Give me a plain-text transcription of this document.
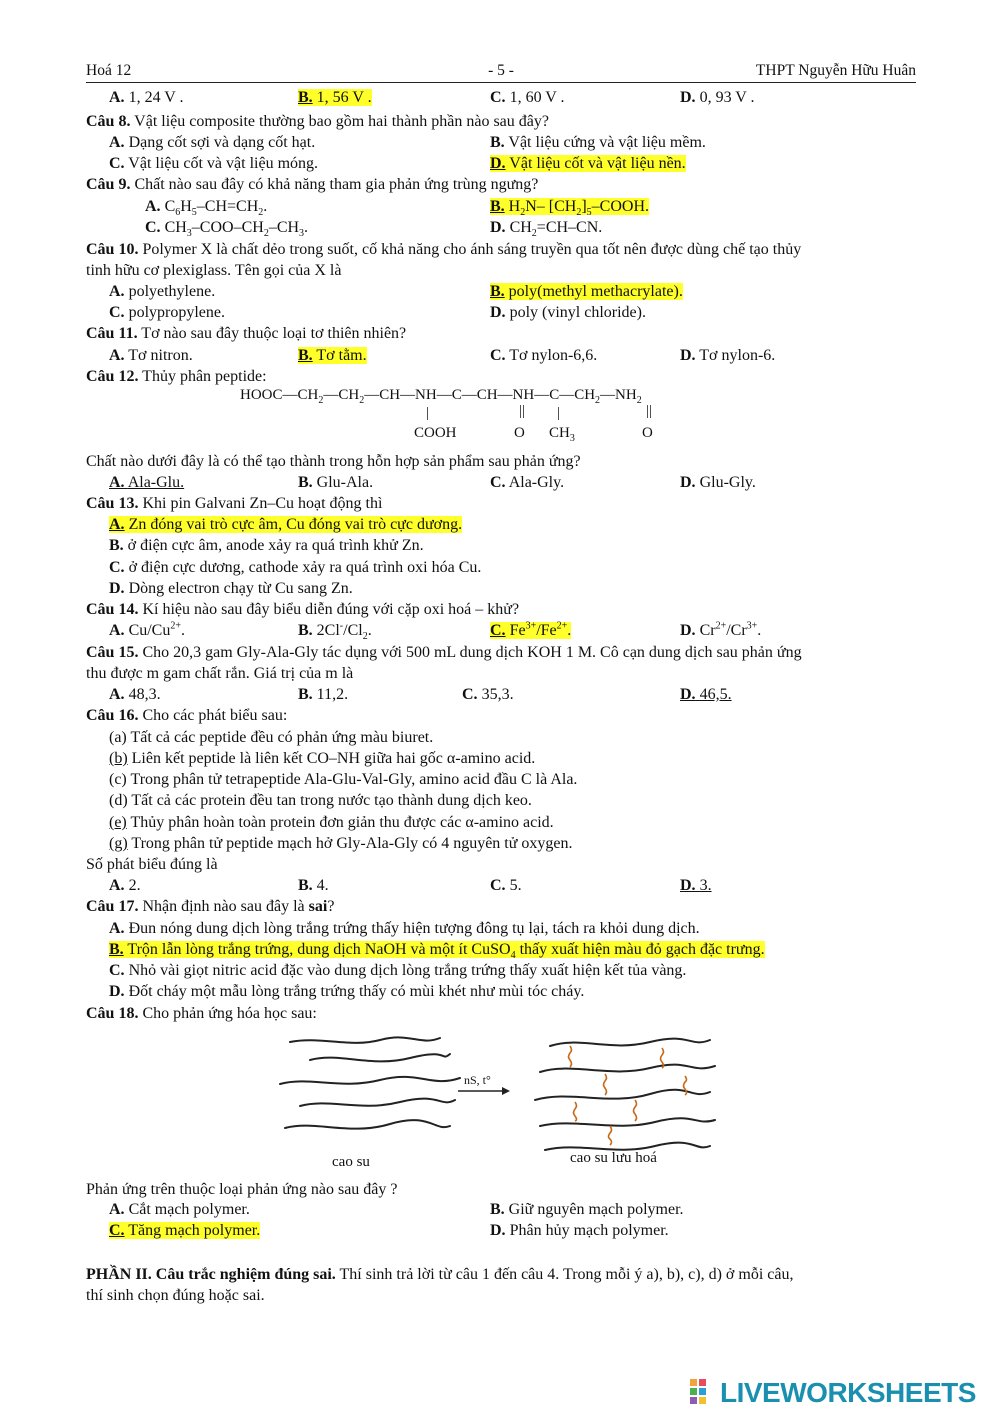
Hoá 12	- 5 -	THPT Nguyễn Hữu Huân
A. 1, 24 V .	B. 1, 56 V .	C. 1, 60 V .	D. 0, 93 V .
Câu 8. Vật liệu composite thường bao gồm hai thành phần nào sau đây?
A. Dạng cốt sợi và dạng cốt hạt.	B. Vật liệu cứng và vật liệu mềm.
C. Vật liệu cốt và vật liệu móng.	D. Vật liệu cốt và vật liệu nền.
Câu 9. Chất nào sau đây có khả năng tham gia phản ứng trùng ngưng?
A. $C_6H_5-CH=CH_2$.	B. $H_2N-$ $[CH_2]_5$–COOH.
C. $CH_3-COO-CH_2-CH_3$.	D. $CH_2=CH-CN$.
Câu 10. Polymer X là chất dẻo trong suốt, cố khả năng cho ánh sáng truyền qua tốt nên được dùng chế tạo thủy
tinh hữu cơ plexiglass. Tên gọi của X là
A. polyethylene.	B. poly(methyl methacrylate).
C. polypropylene.	D. poly (vinyl chloride).
Câu 11. Tơ nào sau đây thuộc loại tơ thiên nhiên?
A. Tơ nitron.	B. Tơ tằm.	C. Tơ nylon-6,6.	D. Tơ nylon-6.
Câu 12. Thủy phân peptide:
$HOOC—CH_2—CH_2—CH—NH—C—CH—NH—C—CH_2—NH_2$
|	|| |	||
COOH	O $CH_3$	O
Chất nào dưới đây là có thể tạo thành trong hỗn hợp sản phẩm sau phản ứng?
A. Ala-Glu.	B. Glu-Ala.	C. Ala-Gly.	D. Glu-Gly.
Câu 13. Khi pin Galvani Zn–Cu hoạt động thì
A. Zn đóng vai trò cực âm, Cu đóng vai trò cực dương.
B. ở điện cực âm, anode xảy ra quá trình khử Zn.
C. ở điện cực dương, cathode xảy ra quá trình oxi hóa Cu.
D. Dòng electron chạy từ Cu sang Zn.
Câu 14. Kí hiệu nào sau đây biểu diễn đúng với cặp oxi hoá – khử?
A. $Cu/Cu^{2+}$.	B. $2Cl^-/Cl_2$.	C. $Fe^{3+}/Fe^{2+}$.	D. $Cr^{2+}/Cr^{3+}$.
Câu 15. Cho 20,3 gam Gly-Ala-Gly tác dụng với 500 mL dung dịch KOH 1 M. Cô cạn dung dịch sau phản ứng
thu được m gam chất rắn. Giá trị của m là
A. 48,3.	B. 11,2.	C. 35,3.	D. 46,5.
Câu 16. Cho các phát biểu sau:
(a) Tất cả các peptide đều có phản ứng màu biuret.
(b) Liên kết peptide là liên kết CO–NH giữa hai gốc α-amino acid.
(c) Trong phân tử tetrapeptide Ala-Glu-Val-Gly, amino acid đầu C là Ala.
(d) Tất cả các protein đều tan trong nước tạo thành dung dịch keo.
(e) Thủy phân hoàn toàn protein đơn giản thu được các α-amino acid.
(g) Trong phân tử peptide mạch hở Gly-Ala-Gly có 4 nguyên tử oxygen.
Số phát biểu đúng là
A. 2.	B. 4.	C. 5.	D. 3.
Câu 17. Nhận định nào sau đây là sai?
A. Đun nóng dung dịch lòng trắng trứng thấy hiện tượng đông tụ lại, tách ra khỏi dung dịch.
B. Trộn lẫn lòng trắng trứng, dung dịch NaOH và một ít CuSO$_4$ thấy xuất hiện màu đỏ gạch đặc trưng.
C. Nhỏ vài giọt nitric acid đặc vào dung dịch lòng trắng trứng thấy xuất hiện kết tủa vàng.
D. Đốt cháy một mẫu lòng trắng trứng thấy có mùi khét như mùi tóc cháy.
Câu 18. Cho phản ứng hóa học sau:
cao su
nS, t°
cao su lưu hoá
Phản ứng trên thuộc loại phản ứng nào sau đây ?
A. Cắt mạch polymer.	B. Giữ nguyên mạch polymer.
C. Tăng mạch polymer.	D. Phân hủy mạch polymer.
PHẦN II. Câu trắc nghiệm đúng sai. Thí sinh trả lời từ câu 1 đến câu 4. Trong mỗi ý a), b), c), d) ở mỗi câu,
thí sinh chọn đúng hoặc sai.
LIVEWORKSHEETS
